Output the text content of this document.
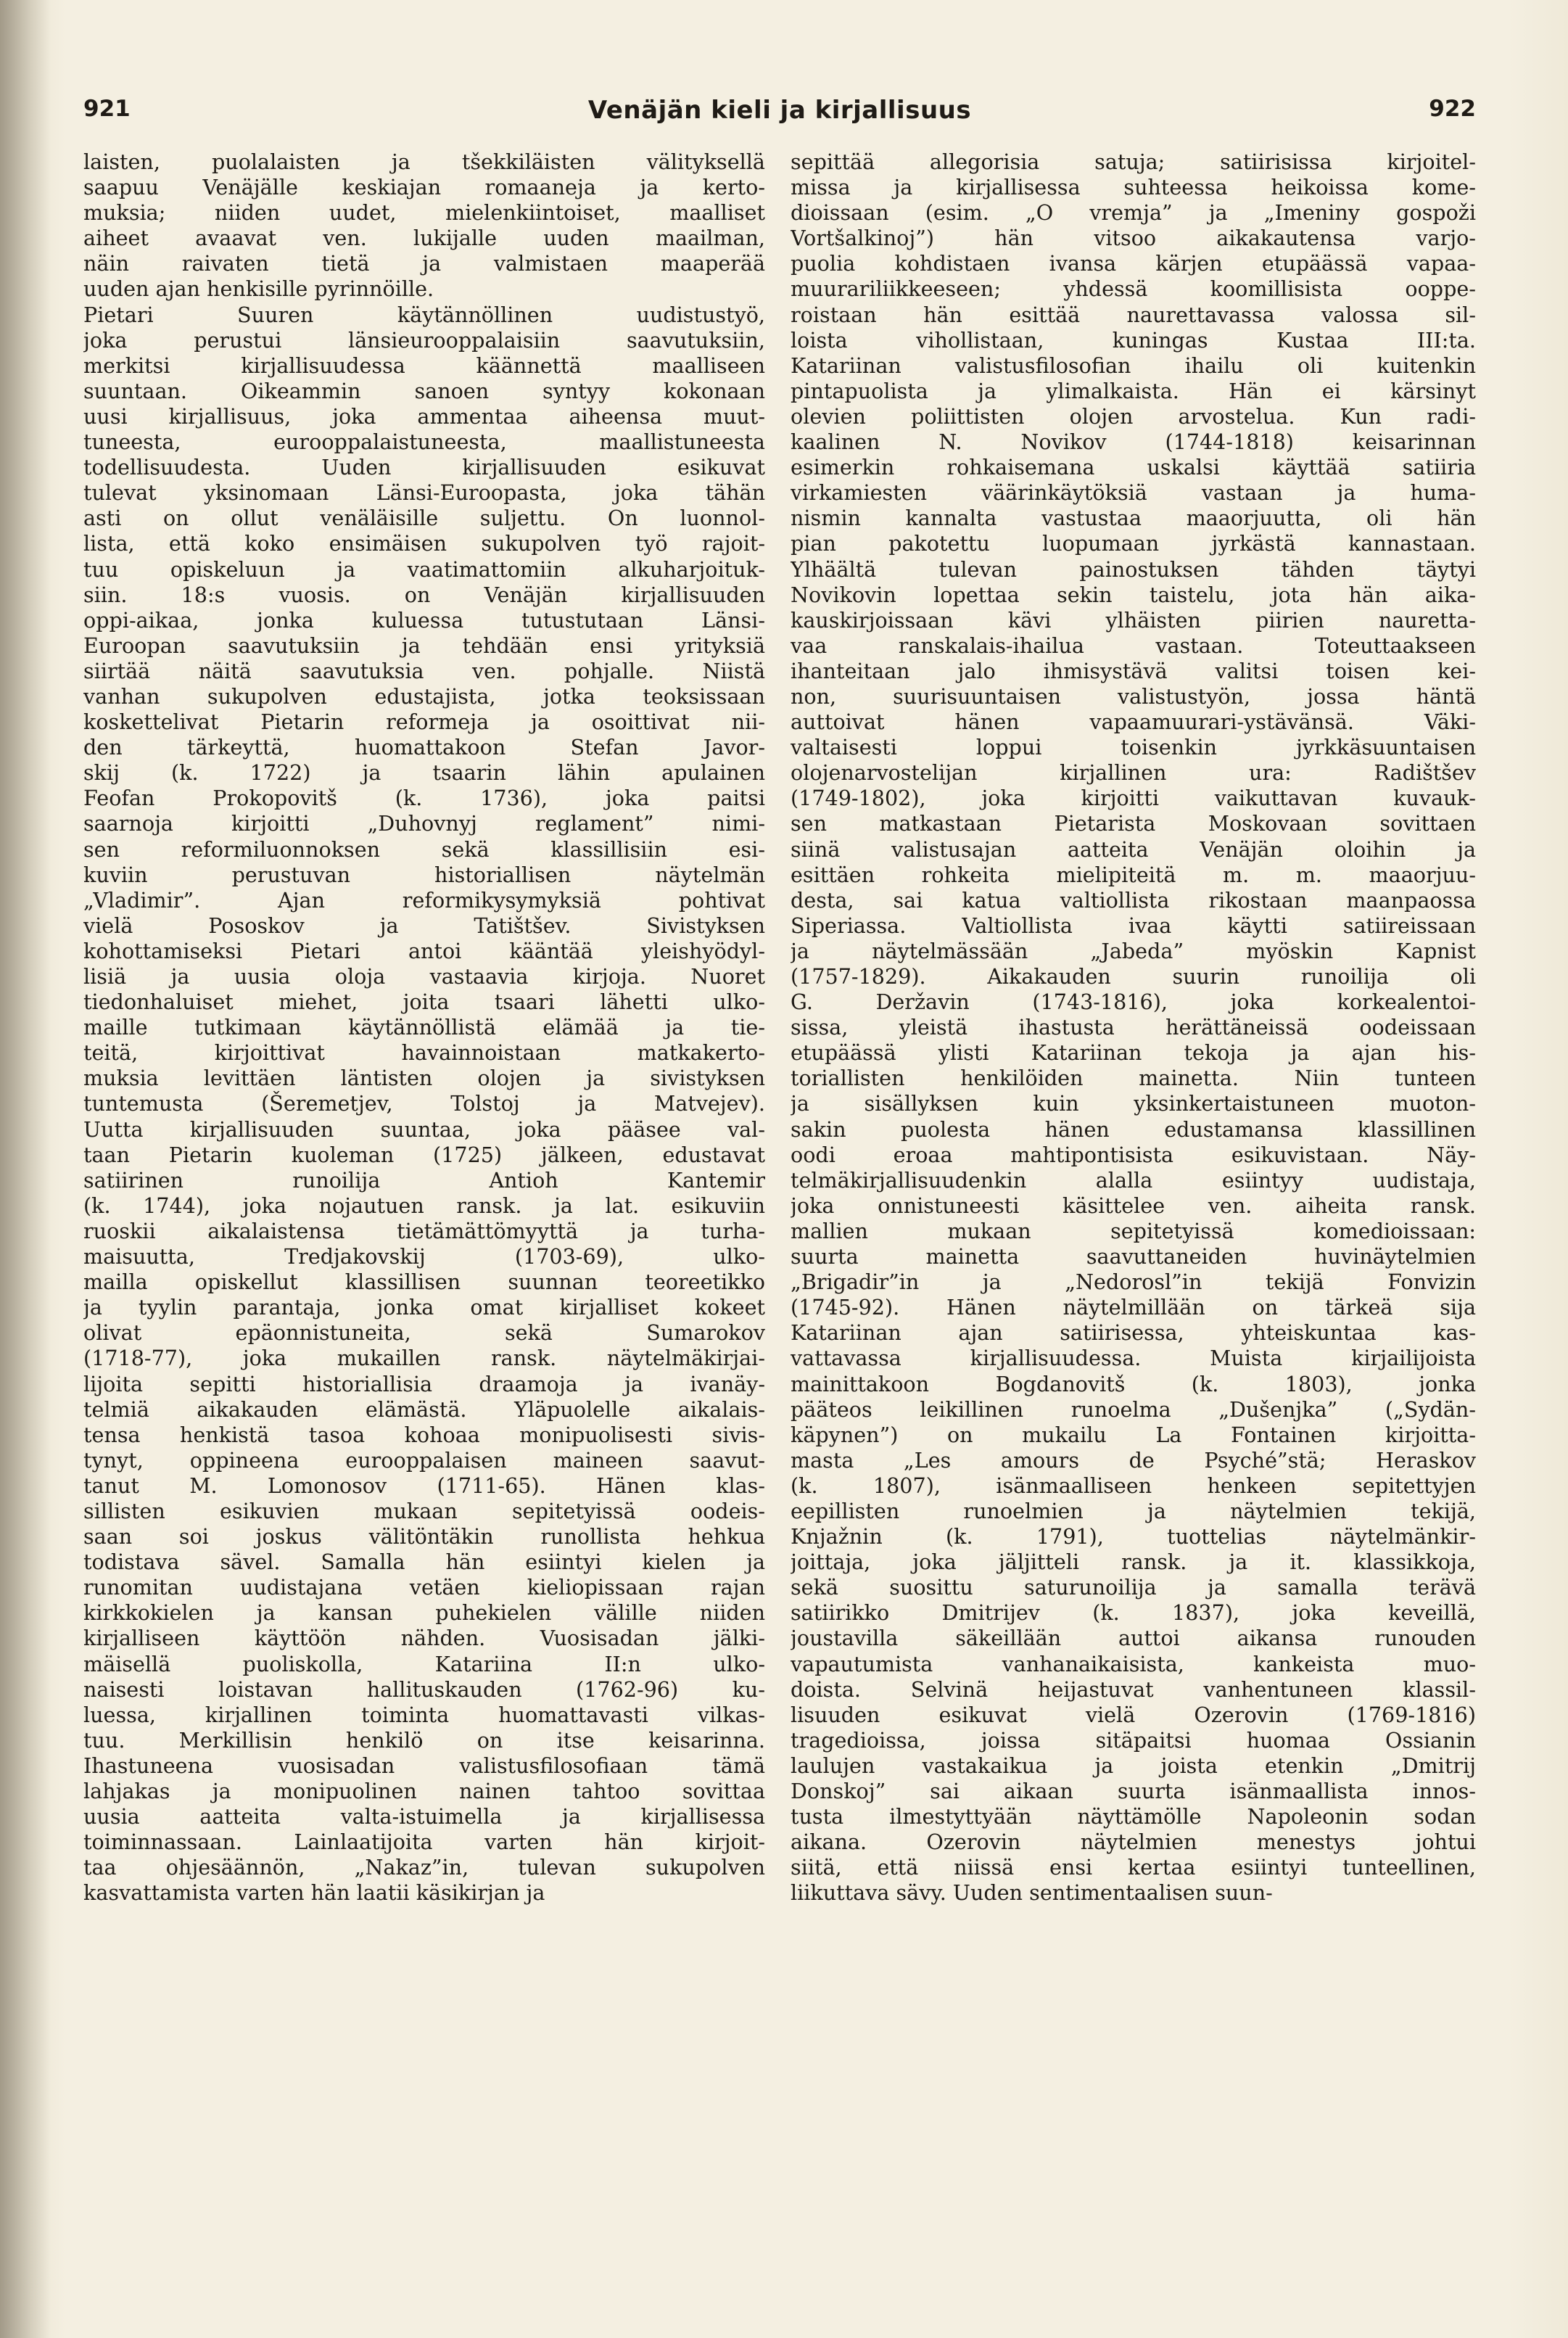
921	Venäjän kieli ja kirjallisuus	922
laisten, puolalaisten ja tšekkiläisten välityksellä
saapuu Venäjälle keskiajan romaaneja ja kerto-
muksia; niiden uudet, mielenkiintoiset, maalliset
aiheet avaavat ven. lukijalle uuden maailman,
näin raivaten tietä ja valmistaen maaperää
uuden ajan henkisille pyrinnöille.
Pietari Suuren käytännöllinen uudistustyö,
joka perustui länsieurooppalaisiin saavutuksiin,
merkitsi kirjallisuudessa käännettä maalliseen
suuntaan. Oikeammin sanoen syntyy kokonaan
uusi kirjallisuus, joka ammentaa aiheensa muut-
tuneesta, eurooppalaistuneesta, maallistuneesta
todellisuudesta. Uuden kirjallisuuden esikuvat
tulevat yksinomaan Länsi-Euroopasta, joka tähän
asti on ollut venäläisille suljettu. On luonnol-
lista, että koko ensimäisen sukupolven työ rajoit-
tuu opiskeluun ja vaatimattomiin alkuharjoituk-
siin. 18:s vuosis. on Venäjän kirjallisuuden
oppi-aikaa, jonka kuluessa tutustutaan Länsi-
Euroopan saavutuksiin ja tehdään ensi yrityksiä
siirtää näitä saavutuksia ven. pohjalle. Niistä
vanhan sukupolven edustajista, jotka teoksissaan
koskettelivat Pietarin reformeja ja osoittivat nii-
den tärkeyttä, huomattakoon Stefan Javor-
skij (k. 1722) ja tsaarin lähin apulainen
Feofan Prokopovitš (k. 1736), joka paitsi
saarnoja kirjoitti „Duhovnyj reglament” nimi-
sen reformiluonnoksen sekä klassillisiin esi-
kuviin perustuvan historiallisen näytelmän
„Vladimir”. Ajan reformikysymyksiä pohtivat
vielä Pososkov ja Tatištšev. Sivistyksen
kohottamiseksi Pietari antoi kääntää yleishyödyl-
lisiä ja uusia oloja vastaavia kirjoja. Nuoret
tiedonhaluiset miehet, joita tsaari lähetti ulko-
maille tutkimaan käytännöllistä elämää ja tie-
teitä, kirjoittivat havainnoistaan matkakerto-
muksia levittäen läntisten olojen ja sivistyksen
tuntemusta (Šeremetjev, Tolstoj ja Matvejev).
Uutta kirjallisuuden suuntaa, joka pääsee val-
taan Pietarin kuoleman (1725) jälkeen, edustavat
satiirinen runoilija Antioh Kantemir
(k. 1744), joka nojautuen ransk. ja lat. esikuviin
ruoskii aikalaistensa tietämättömyyttä ja turha-
maisuutta, Tredjakovskij (1703-69), ulko-
mailla opiskellut klassillisen suunnan teoreetikko
ja tyylin parantaja, jonka omat kirjalliset kokeet
olivat epäonnistuneita, sekä Sumarokov
(1718-77), joka mukaillen ransk. näytelmäkirjai-
lijoita sepitti historiallisia draamoja ja ivanäy-
telmiä aikakauden elämästä. Yläpuolelle aikalais-
tensa henkistä tasoa kohoaa monipuolisesti sivis-
tynyt, oppineena eurooppalaisen maineen saavut-
tanut M. Lomonosov (1711-65). Hänen klas-
sillisten esikuvien mukaan sepitetyissä oodeis-
saan soi joskus välitöntäkin runollista hehkua
todistava sävel. Samalla hän esiintyi kielen ja
runomitan uudistajana vetäen kieliopissaan rajan
kirkkokielen ja kansan puhekielen välille niiden
kirjalliseen käyttöön nähden. Vuosisadan jälki-
mäisellä puoliskolla, Katariina II:n ulko-
naisesti loistavan hallituskauden (1762-96) ku-
luessa, kirjallinen toiminta huomattavasti vilkas-
tuu. Merkillisin henkilö on itse keisarinna.
Ihastuneena vuosisadan valistusfilosofiaan tämä
lahjakas ja monipuolinen nainen tahtoo sovittaa
uusia aatteita valta-istuimella ja kirjallisessa
toiminnassaan. Lainlaatijoita varten hän kirjoit-
taa ohjesäännön, „Nakaz”in, tulevan sukupolven
kasvattamista varten hän laatii käsikirjan ja
sepittää allegorisia satuja; satiirisissa kirjoitel-
missa ja kirjallisessa suhteessa heikoissa kome-
dioissaan (esim. „O vremja” ja „Imeniny gospoži
Vortšalkinoj”) hän vitsoo aikakautensa varjo-
puolia kohdistaen ivansa kärjen etupäässä vapaa-
muurariliikkeeseen; yhdessä koomillisista ooppe-
roistaan hän esittää naurettavassa valossa sil-
loista vihollistaan, kuningas Kustaa III:ta.
Katariinan valistusfilosofian ihailu oli kuitenkin
pintapuolista ja ylimalkaista. Hän ei kärsinyt
olevien poliittisten olojen arvostelua. Kun radi-
kaalinen N. Novikov (1744-1818) keisarinnan
esimerkin rohkaisemana uskalsi käyttää satiiria
virkamiesten väärinkäytöksiä vastaan ja huma-
nismin kannalta vastustaa maaorjuutta, oli hän
pian pakotettu luopumaan jyrkästä kannastaan.
Ylhäältä tulevan painostuksen tähden täytyi
Novikovin lopettaa sekin taistelu, jota hän aika-
kauskirjoissaan kävi ylhäisten piirien nauretta-
vaa ranskalais-ihailua vastaan. Toteuttaakseen
ihanteitaan jalo ihmisystävä valitsi toisen kei-
non, suurisuuntaisen valistustyön, jossa häntä
auttoivat hänen vapaamuurari-ystävänsä. Väki-
valtaisesti loppui toisenkin jyrkkäsuuntaisen
olojenarvostelijan kirjallinen ura: Radištšev
(1749-1802), joka kirjoitti vaikuttavan kuvauk-
sen matkastaan Pietarista Moskovaan sovittaen
siinä valistusajan aatteita Venäjän oloihin ja
esittäen rohkeita mielipiteitä m. m. maaorjuu-
desta, sai katua valtiollista rikostaan maanpaossa
Siperiassa. Valtiollista ivaa käytti satiireissaan
ja näytelmässään „Jabeda” myöskin Kapnist
(1757-1829). Aikakauden suurin runoilija oli
G. Deržavin (1743-1816), joka korkealentoi-
sissa, yleistä ihastusta herättäneissä oodeissaan
etupäässä ylisti Katariinan tekoja ja ajan his-
toriallisten henkilöiden mainetta. Niin tunteen
ja sisällyksen kuin yksinkertaistuneen muoton-
sakin puolesta hänen edustamansa klassillinen
oodi eroaa mahtipontisista esikuvistaan. Näy-
telmäkirjallisuudenkin alalla esiintyy uudistaja,
joka onnistuneesti käsittelee ven. aiheita ransk.
mallien mukaan sepitetyissä komedioissaan:
suurta mainetta saavuttaneiden huvinäytelmien
„Brigadir”in ja „Nedorosl”in tekijä Fonvizin
(1745-92). Hänen näytelmillään on tärkeä sija
Katariinan ajan satiirisessa, yhteiskuntaa kas-
vattavassa kirjallisuudessa. Muista kirjailijoista
mainittakoon Bogdanovitš (k. 1803), jonka
pääteos leikillinen runoelma „Dušenjka” („Sydän-
käpynen”) on mukailu La Fontainen kirjoitta-
masta „Les amours de Psyché”stä; Heraskov
(k. 1807), isänmaalliseen henkeen sepitettyjen
eepillisten runoelmien ja näytelmien tekijä,
Knjažnin (k. 1791), tuottelias näytelmänkir-
joittaja, joka jäljitteli ransk. ja it. klassikkoja,
sekä suosittu saturunoilija ja samalla terävä
satiirikko Dmitrijev (k. 1837), joka keveillä,
joustavilla säkeillään auttoi aikansa runouden
vapautumista vanhanaikaisista, kankeista muo-
doista. Selvinä heijastuvat vanhentuneen klassil-
lisuuden esikuvat vielä Ozerovin (1769-1816)
tragedioissa, joissa sitäpaitsi huomaa Ossianin
laulujen vastakaikua ja joista etenkin „Dmitrij
Donskoj” sai aikaan suurta isänmaallista innos-
tusta ilmestyttyään näyttämölle Napoleonin sodan
aikana. Ozerovin näytelmien menestys johtui
siitä, että niissä ensi kertaa esiintyi tunteellinen,
liikuttava sävy. Uuden sentimentaalisen suun-
